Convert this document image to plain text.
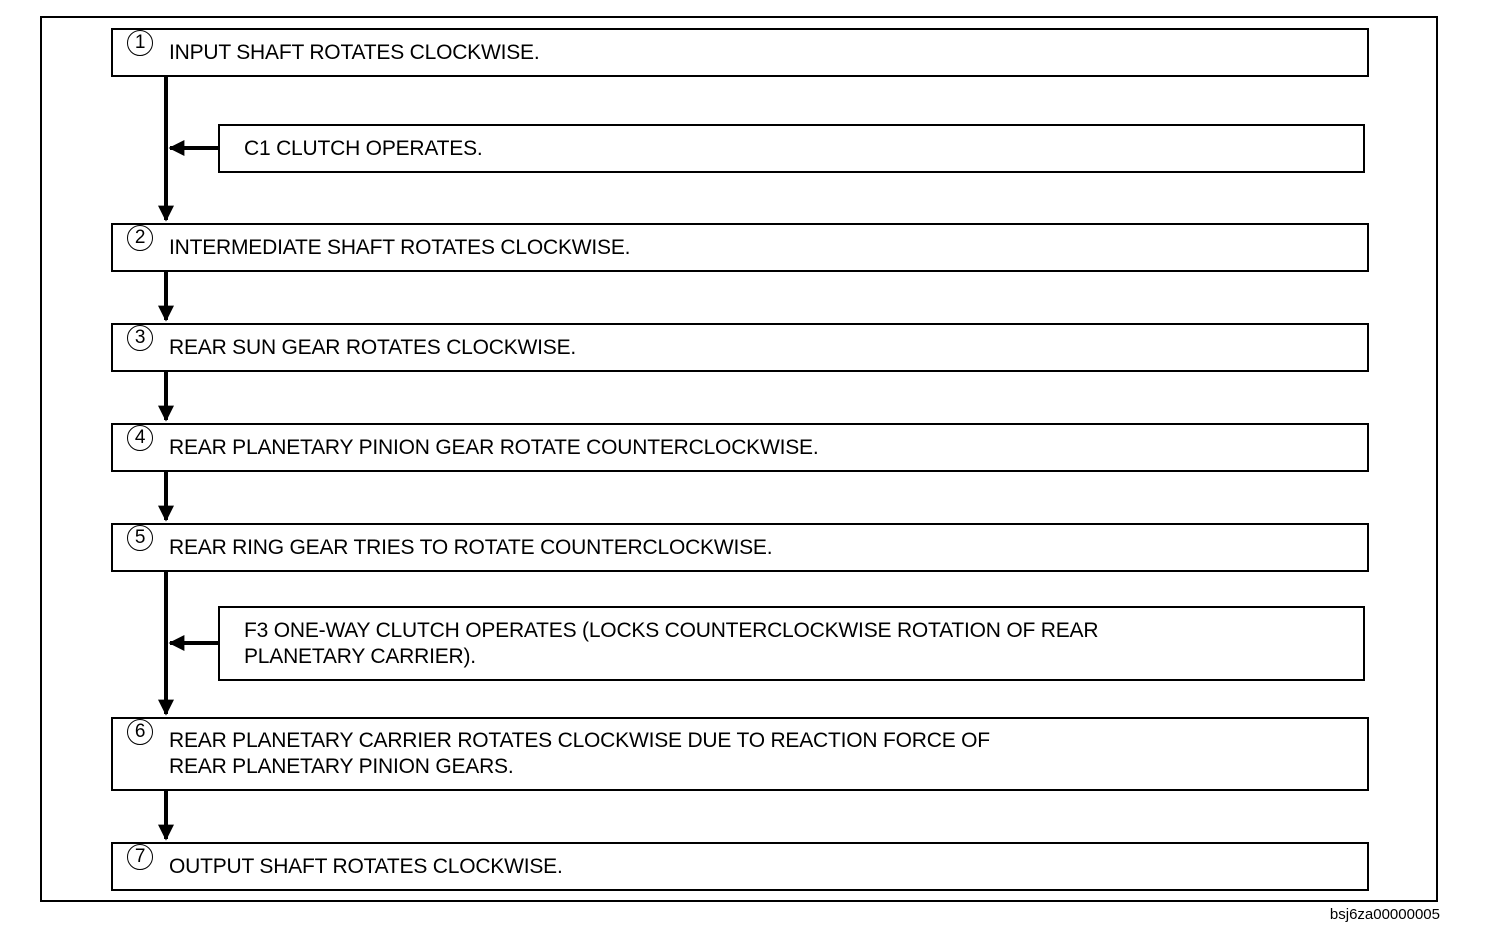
1	INPUT SHAFT ROTATES CLOCKWISE.
C1 CLUTCH OPERATES.
2	INTERMEDIATE SHAFT ROTATES CLOCKWISE.
3	REAR SUN GEAR ROTATES CLOCKWISE.
4	REAR PLANETARY PINION GEAR ROTATE COUNTERCLOCKWISE.
5	REAR RING GEAR TRIES TO ROTATE COUNTERCLOCKWISE.
F3 ONE-WAY CLUTCH OPERATES (LOCKS COUNTERCLOCKWISE ROTATION OF REAR
PLANETARY CARRIER).
6	REAR PLANETARY CARRIER ROTATES CLOCKWISE DUE TO REACTION FORCE OF
REAR PLANETARY PINION GEARS.
7	OUTPUT SHAFT ROTATES CLOCKWISE.
bsj6za00000005
